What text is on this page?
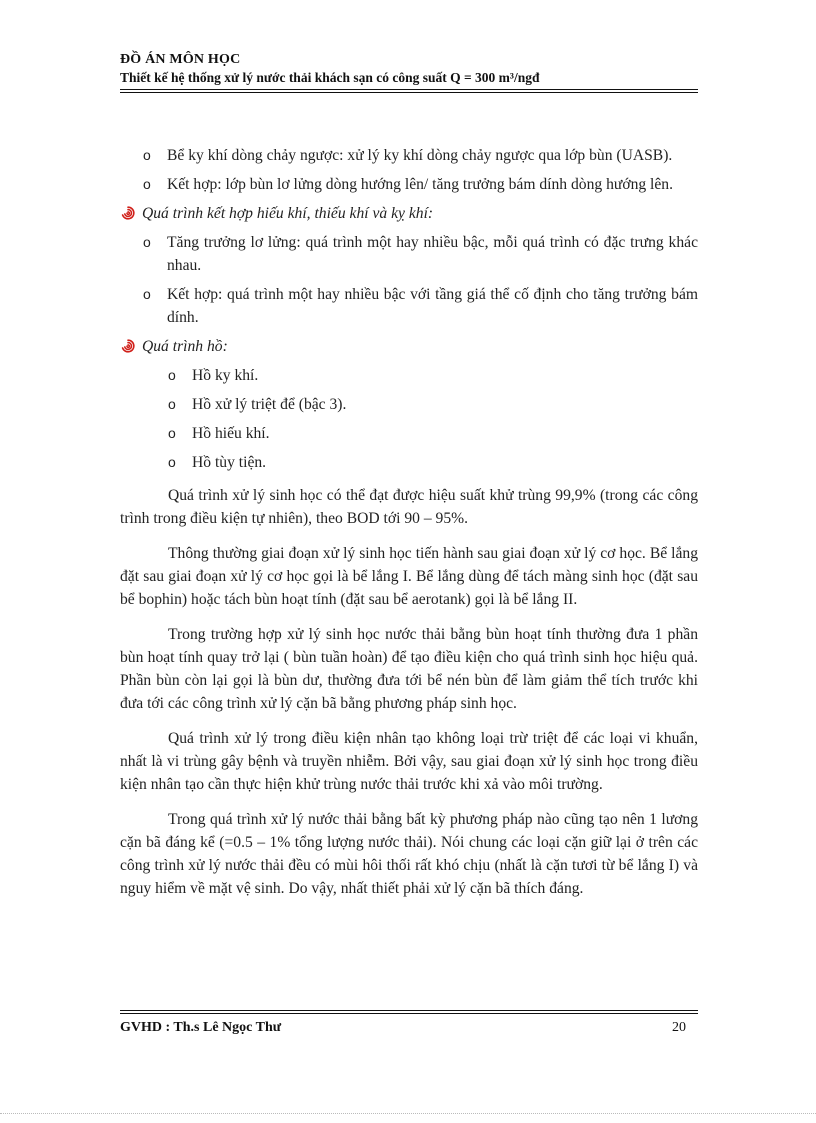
ĐỒ ÁN MÔN HỌC
Thiết kế hệ thống xử lý nước thải khách sạn có công suất Q = 300 m³/ngđ
o Bể ky khí dòng chảy ngược: xử lý ky khí dòng chảy ngược qua lớp bùn (UASB).
o Kết hợp: lớp bùn lơ lửng dòng hướng lên/ tăng trưởng bám dính dòng hướng lên.
Quá trình kết hợp hiếu khí, thiếu khí và kỵ khí:
o Tăng trưởng lơ lửng: quá trình một hay nhiều bậc, mỗi quá trình có đặc trưng khác nhau.
o Kết hợp: quá trình một hay nhiều bậc với tầng giá thể cố định cho tăng trưởng bám dính.
Quá trình hồ:
o Hồ ky khí.
o Hồ xử lý triệt để (bậc 3).
o Hồ hiếu khí.
o Hồ tùy tiện.

Quá trình xử lý sinh học có thể đạt được hiệu suất khử trùng 99,9% (trong các công trình trong điều kiện tự nhiên), theo BOD tới 90 – 95%.

Thông thường giai đoạn xử lý sinh học tiến hành sau giai đoạn xử lý cơ học. Bể lắng đặt sau giai đoạn xử lý cơ học gọi là bể lắng I. Bể lắng dùng để tách màng sinh học (đặt sau bể bophin) hoặc tách bùn hoạt tính (đặt sau bể aerotank) gọi là bể lắng II.

Trong trường hợp xử lý sinh học nước thải bằng bùn hoạt tính thường đưa 1 phần bùn hoạt tính quay trở lại ( bùn tuần hoàn) để tạo điều kiện cho quá trình sinh học hiệu quả. Phần bùn còn lại gọi là bùn dư, thường đưa tới bể nén bùn để làm giảm thể tích trước khi đưa tới các công trình xử lý cặn bã bằng phương pháp sinh học.

Quá trình xử lý trong điều kiện nhân tạo không loại trừ triệt để các loại vi khuẩn, nhất là vi trùng gây bệnh và truyền nhiễm. Bởi vậy, sau giai đoạn xử lý sinh học trong điều kiện nhân tạo cần thực hiện khử trùng nước thải trước khi xả vào môi trường.

Trong quá trình xử lý nước thải bằng bất kỳ phương pháp nào cũng tạo nên 1 lương cặn bã đáng kể (=0.5 – 1% tổng lượng nước thải). Nói chung các loại cặn giữ lại ở trên các công trình xử lý nước thải đều có mùi hôi thối rất khó chịu (nhất là cặn tươi từ bể lắng I) và nguy hiểm về mặt vệ sinh. Do vậy, nhất thiết phải xử lý cặn bã thích đáng.

GVHD : Th.s Lê Ngọc Thư	20
